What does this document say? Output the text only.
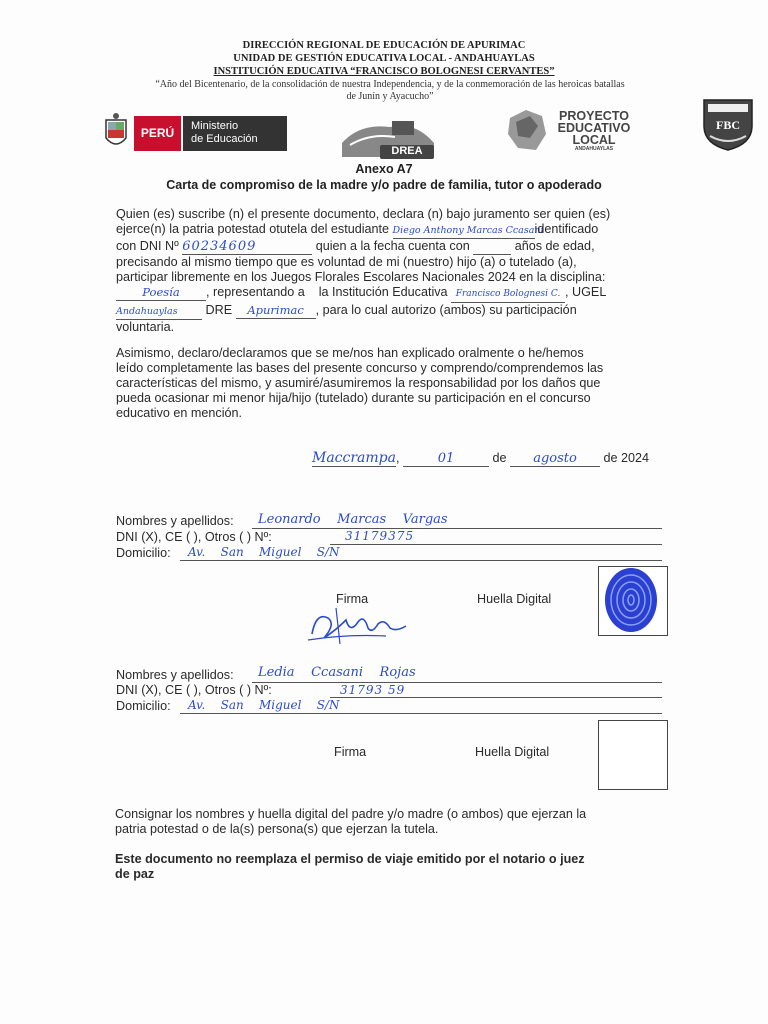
DIRECCIÓN REGIONAL DE EDUCACIÓN DE APURIMAC
UNIDAD DE GESTIÓN EDUCATIVA LOCAL - ANDAHUAYLAS
INSTITUCIÓN EDUCATIVA “FRANCISCO BOLOGNESI CERVANTES”
“Año del Bicentenario, de la consolidación de nuestra Independencia, y de la conmemoración de las heroicas batallas
de Junín y Ayacucho”
PERÚ	Ministerio
de Educación
DREA
PROYECTO
EDUCATIVO
LOCAL
ANDAHUAYLAS
FBC
Anexo A7
Carta de compromiso de la madre y/o padre de familia, tutor o apoderado
Quien (es) suscribe (n) el presente documento, declara (n) bajo juramento ser quien (es)
ejerce(n) la patria potestad otutela del estudiante Diego Anthony Marcas Ccasaniidentificado
con DNI Nº 60234609	quien a la fecha cuenta con	años de edad,
precisando al mismo tiempo que es voluntad de mi (nuestro) hijo (a) o tutelado (a),
participar libremente en los Juegos Florales Escolares Nacionales 2024 en la disciplina:
Poesía , representando a la Institución Educativa Francisco Bolognesi C. , UGEL
Andahuaylas DRE Apurimac , para lo cual autorizo (ambos) su participación
voluntaria.
Asimismo, declaro/declaramos que se me/nos han explicado oralmente o he/hemos
leído completamente las bases del presente concurso y comprendo/comprendemos las
características del mismo, y asumiré/asumiremos la responsabilidad por los daños que
pueda ocasionar mi menor hija/hijo (tutelado) durante su participación en el concurso
educativo en mención.
Maccrampa,	01	de agosto de 2024
Nombres y apellidos: Leonardo    Marcas    Vargas
DNI (X), CE ( ), Otros ( ) Nº:	31179375
Domicilio: Av.    San    Miguel    S/N
Firma	Huella Digital
Nombres y apellidos: Ledia    Ccasani    Rojas
DNI (X), CE ( ), Otros ( ) Nº:	31793 59
Domicilio: Av.    San    Miguel    S/N
Firma	Huella Digital
Consignar los nombres y huella digital del padre y/o madre (o ambos) que ejerzan la
patria potestad o de la(s) persona(s) que ejerzan la tutela.
Este documento no reemplaza el permiso de viaje emitido por el notario o juez
de paz
